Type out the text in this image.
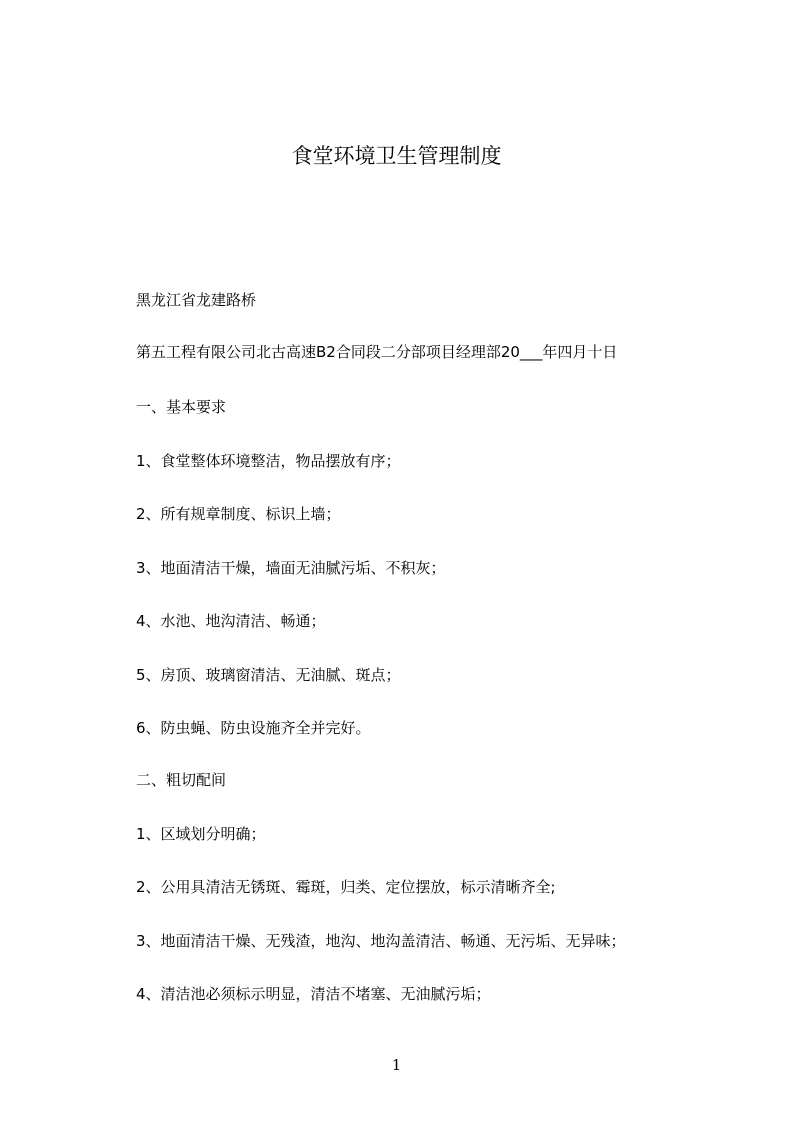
食堂环境卫生管理制度

黑龙江省龙建路桥

第五工程有限公司北古高速B2合同段二分部项目经理部20___年四月十日

一、基本要求

1、食堂整体环境整洁，物品摆放有序；

2、所有规章制度、标识上墙；

3、地面清洁干燥，墙面无油腻污垢、不积灰；

4、水池、地沟清洁、畅通；

5、房顶、玻璃窗清洁、无油腻、斑点；

6、防虫蝇、防虫设施齐全并完好。

二、粗切配间

1、区域划分明确；

2、公用具清洁无锈斑、霉斑，归类、定位摆放，标示清晰齐全;

3、地面清洁干燥、无残渣，地沟、地沟盖清洁、畅通、无污垢、无异味；

4、清洁池必须标示明显，清洁不堵塞、无油腻污垢；

1
